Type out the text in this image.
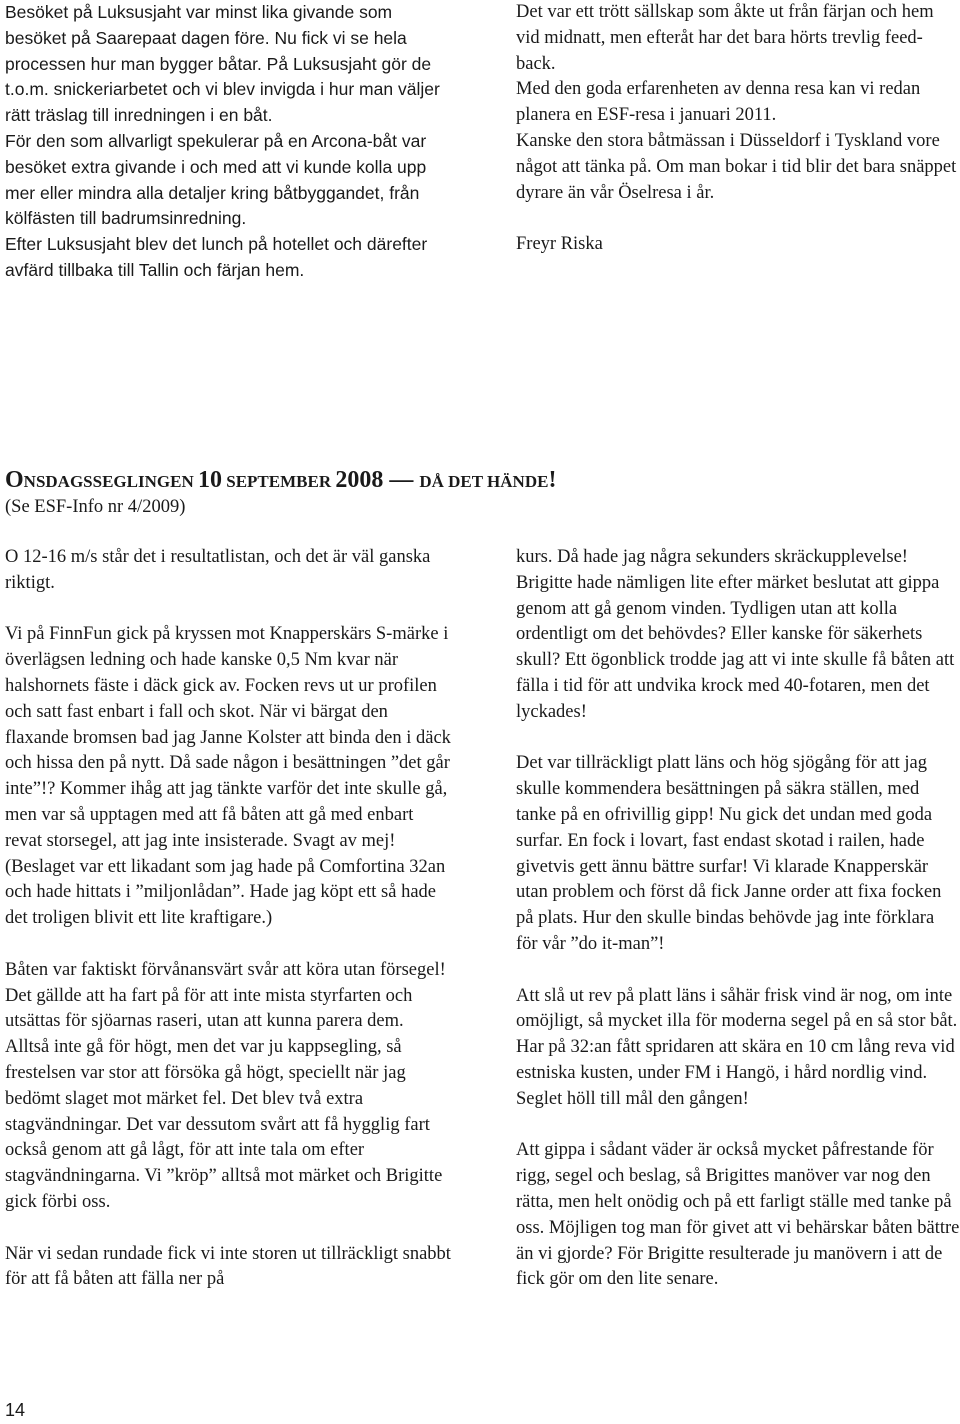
Besöket på Luksusjaht var minst lika givande som besöket på Saarepaat dagen före. Nu fick vi se hela processen hur man bygger båtar. På Luksusjaht gör de t.o.m. snickeriarbetet och vi blev invigda i hur man väljer rätt träslag till inredningen i en båt.

För den som allvarligt spekulerar på en Arcona-båt var besöket extra givande i och med att vi kunde kolla upp mer eller mindra alla detaljer kring båtbyggandet, från kölfästen till badrumsinredning.

Efter Luksusjaht blev det lunch på hotellet och därefter avfärd tillbaka till Tallin och färjan hem.

Det var ett trött sällskap som åkte ut från färjan och hem vid midnatt, men efteråt har det bara hörts trevlig feed-back.

Med den goda erfarenheten av denna resa kan vi redan planera en ESF-resa i januari 2011.

Kanske den stora båtmässan i Düsseldorf i Tyskland vore något att tänka på. Om man bokar i tid blir det bara snäppet dyrare än vår Öselresa i år.

Freyr Riska

ONSDAGSSEGLINGEN 10 SEPTEMBER 2008 — DÅ DET HÄNDE!

(Se ESF-Info nr 4/2009)

O 12-16 m/s står det i resultatlistan, och det är väl ganska riktigt.

Vi på FinnFun gick på kryssen mot Knapperskärs S-märke i överlägsen ledning och hade kanske 0,5 Nm kvar när halshornets fäste i däck gick av. Focken revs ut ur profilen och satt fast enbart i fall och skot. När vi bärgat den flaxande bromsen bad jag Janne Kolster att binda den i däck och hissa den på nytt. Då sade någon i besättningen ”det går inte”!? Kommer ihåg att jag tänkte varför det inte skulle gå, men var så upptagen med att få båten att gå med enbart revat storsegel, att jag inte insisterade. Svagt av mej! (Beslaget var ett likadant som jag hade på Comfortina 32an och hade hittats i ”miljonlådan”. Hade jag köpt ett så hade det troligen blivit ett lite kraftigare.)

Båten var faktiskt förvånansvärt svår att köra utan försegel! Det gällde att ha fart på för att inte mista styrfarten och utsättas för sjöarnas raseri, utan att kunna parera dem. Alltså inte gå för högt, men det var ju kappsegling, så frestelsen var stor att försöka gå högt, speciellt när jag bedömt slaget mot märket fel. Det blev två extra stagvändningar. Det var dessutom svårt att få hygglig fart också genom att gå lågt, för att inte tala om efter stagvändningarna. Vi ”kröp” alltså mot märket och Brigitte gick förbi oss.

När vi sedan rundade fick vi inte storen ut tillräckligt snabbt för att få båten att fälla ner på

kurs. Då hade jag några sekunders skräckupplevelse! Brigitte hade nämligen lite efter märket beslutat att gippa genom att gå genom vinden. Tydligen utan att kolla ordentligt om det behövdes? Eller kanske för säkerhets skull? Ett ögonblick trodde jag att vi inte skulle få båten att fälla i tid för att undvika krock med 40-fotaren, men det lyckades!

Det var tillräckligt platt läns och hög sjögång för att jag skulle kommendera besättningen på säkra ställen, med tanke på en ofrivillig gipp! Nu gick det undan med goda surfar. En fock i lovart, fast endast skotad i railen, hade givetvis gett ännu bättre surfar! Vi klarade Knapperskär utan problem och först då fick Janne order att fixa focken på plats. Hur den skulle bindas behövde jag inte förklara för vår ”do it-man”!

Att slå ut rev på platt läns i såhär frisk vind är nog, om inte omöjligt, så mycket illa för moderna segel på en så stor båt. Har på 32:an fått spridaren att skära en 10 cm lång reva vid estniska kusten, under FM i Hangö, i hård nordlig vind. Seglet höll till mål den gången!

Att gippa i sådant väder är också mycket påfrestande för rigg, segel och beslag, så Brigittes manöver var nog den rätta, men helt onödig och på ett farligt ställe med tanke på oss. Möjligen tog man för givet att vi behärskar båten bättre än vi gjorde? För Brigitte resulterade ju manövern i att de fick gör om den lite senare.

14
